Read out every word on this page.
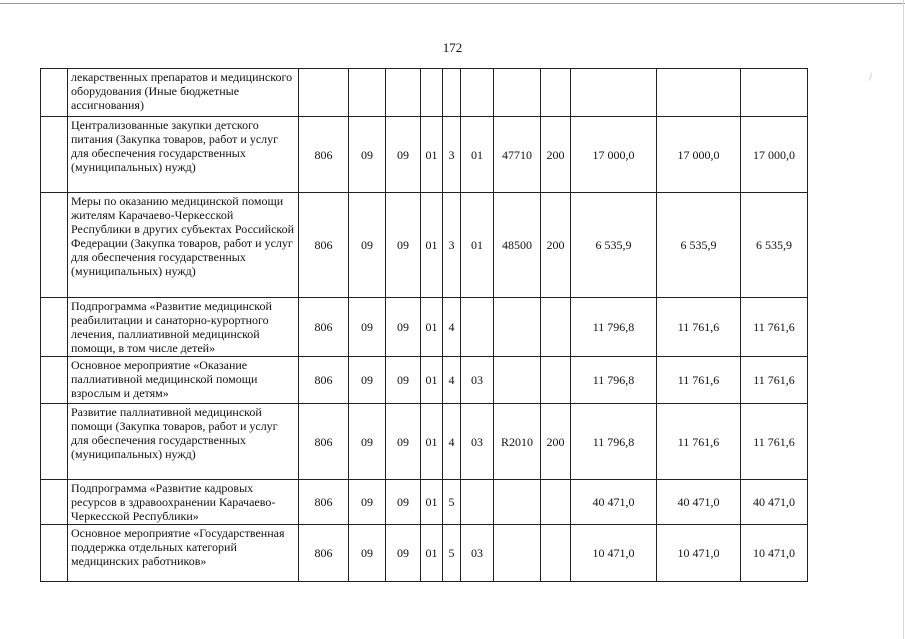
172
⁄
	лекарственных препаратов и медицинского оборудования (Иные бюджетные ассигнования)											
	Централизованные закупки детского питания (Закупка товаров, работ и услуг для обеспечения государственных (муниципальных) нужд)	806	09	09	01	3	01	47710	200	17 000,0	17 000,0	17 000,0
	Меры по оказанию медицинской помощи жителям Карачаево-Черкесской Республики в других субъектах Российской Федерации (Закупка товаров, работ и услуг для обеспечения государственных (муниципальных) нужд)	806	09	09	01	3	01	48500	200	6 535,9	6 535,9	6 535,9
	Подпрограмма «Развитие медицинской реабилитации и санаторно-курортного лечения, паллиативной медицинской помощи, в том числе детей»	806	09	09	01	4				11 796,8	11 761,6	11 761,6
	Основное мероприятие «Оказание паллиативной медицинской помощи взрослым и детям»	806	09	09	01	4	03			11 796,8	11 761,6	11 761,6
	Развитие паллиативной медицинской помощи (Закупка товаров, работ и услуг для обеспечения государственных (муниципальных) нужд)	806	09	09	01	4	03	R2010	200	11 796,8	11 761,6	11 761,6
	Подпрограмма «Развитие кадровых ресурсов в здравоохранении Карачаево-Черкесской Республики»	806	09	09	01	5				40 471,0	40 471,0	40 471,0
	Основное мероприятие «Государственная поддержка отдельных категорий медицинских работников»	806	09	09	01	5	03			10 471,0	10 471,0	10 471,0
